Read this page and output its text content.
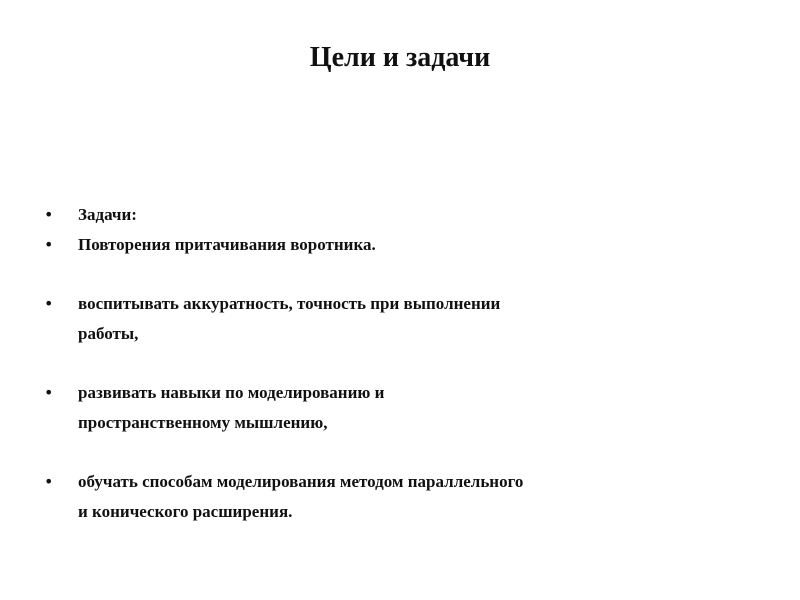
Цели и задачи
• Задачи:
• Повторения притачивания воротника.
• воспитывать аккуратность, точность при выполнении
работы,
• развивать навыки по моделированию и
пространственному мышлению,
• обучать способам моделирования методом параллельного
и конического расширения.
